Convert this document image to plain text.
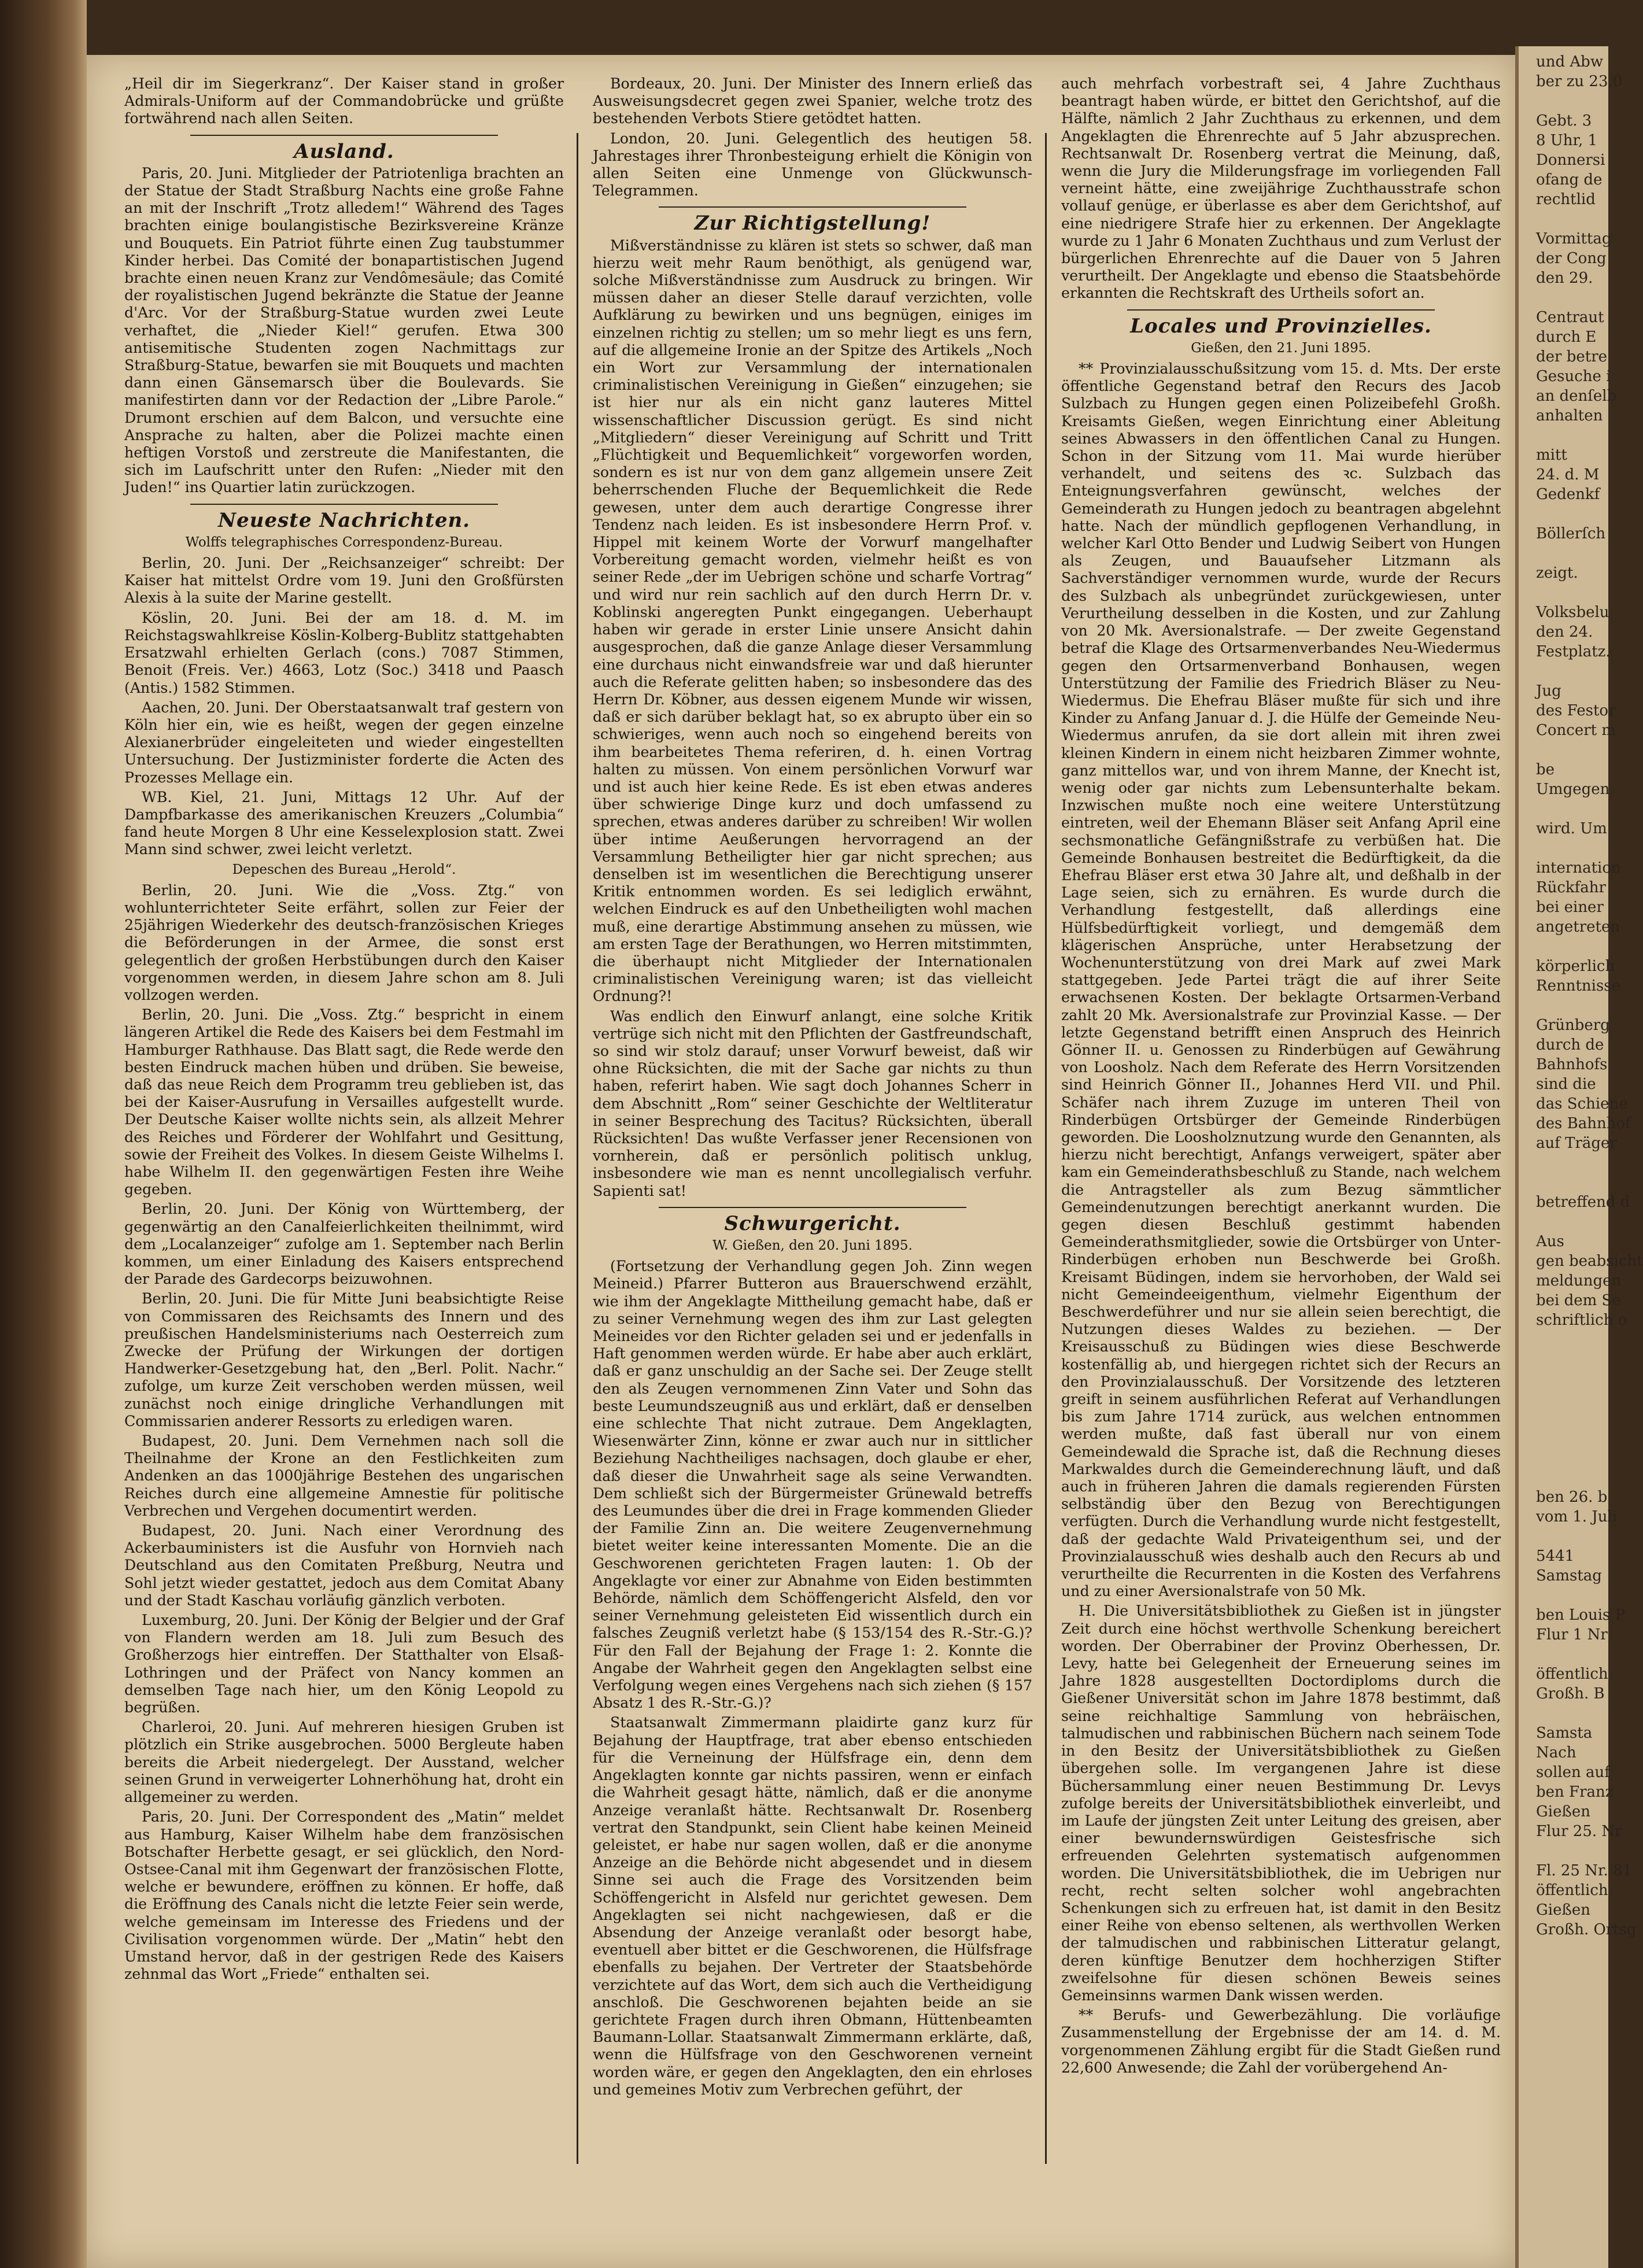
„Heil dir im Siegerkranz“. Der Kaiser stand in großer Admirals-Uniform auf der Commandobrücke und grüßte fortwährend nach allen Seiten.

Ausland.

Paris, 20. Juni. Mitglieder der Patriotenliga brachten an der Statue der Stadt Straßburg Nachts eine große Fahne an mit der Inschrift „Trotz alledem!“ Während des Tages brachten einige boulangistische Bezirksvereine Kränze und Bouquets. Ein Patriot führte einen Zug taubstummer Kinder herbei. Das Comité der bonapartistischen Jugend brachte einen neuen Kranz zur Vendômesäule; das Comité der royalistischen Jugend bekränzte die Statue der Jeanne d'Arc. Vor der Straßburg-Statue wurden zwei Leute verhaftet, die „Nieder Kiel!“ gerufen. Etwa 300 antisemitische Studenten zogen Nachmittags zur Straßburg-Statue, bewarfen sie mit Bouquets und machten dann einen Gänsemarsch über die Boulevards. Sie manifestirten dann vor der Redaction der „Libre Parole.“ Drumont erschien auf dem Balcon, und versuchte eine Ansprache zu halten, aber die Polizei machte einen heftigen Vorstoß und zerstreute die Manifestanten, die sich im Laufschritt unter den Rufen: „Nieder mit den Juden!“ ins Quartier latin zurückzogen.

Neueste Nachrichten.
Wolffs telegraphisches Correspondenz-Bureau.

Berlin, 20. Juni. Der „Reichsanzeiger“ schreibt: Der Kaiser hat mittelst Ordre vom 19. Juni den Großfürsten Alexis à la suite der Marine gestellt.

Köslin, 20. Juni. Bei der am 18. d. M. im Reichstagswahlkreise Köslin-Kolberg-Bublitz stattgehabten Ersatzwahl erhielten Gerlach (cons.) 7087 Stimmen, Benoit (Freis. Ver.) 4663, Lotz (Soc.) 3418 und Paasch (Antis.) 1582 Stimmen.

Aachen, 20. Juni. Der Oberstaatsanwalt traf gestern von Köln hier ein, wie es heißt, wegen der gegen einzelne Alexianerbrüder eingeleiteten und wieder eingestellten Untersuchung. Der Justizminister forderte die Acten des Prozesses Mellage ein.

WB. Kiel, 21. Juni, Mittags 12 Uhr. Auf der Dampfbarkasse des amerikanischen Kreuzers „Columbia“ fand heute Morgen 8 Uhr eine Kesselexplosion statt. Zwei Mann sind schwer, zwei leicht verletzt.

Depeschen des Bureau „Herold“.

Berlin, 20. Juni. Wie die „Voss. Ztg.“ von wohlunterrichteter Seite erfährt, sollen zur Feier der 25jährigen Wiederkehr des deutsch-französischen Krieges die Beförderungen in der Armee, die sonst erst gelegentlich der großen Herbstübungen durch den Kaiser vorgenommen werden, in diesem Jahre schon am 8. Juli vollzogen werden.

Berlin, 20. Juni. Die „Voss. Ztg.“ bespricht in einem längeren Artikel die Rede des Kaisers bei dem Festmahl im Hamburger Rathhause. Das Blatt sagt, die Rede werde den besten Eindruck machen hüben und drüben. Sie beweise, daß das neue Reich dem Programm treu geblieben ist, das bei der Kaiser-Ausrufung in Versailles aufgestellt wurde. Der Deutsche Kaiser wollte nichts sein, als allzeit Mehrer des Reiches und Förderer der Wohlfahrt und Gesittung, sowie der Freiheit des Volkes. In diesem Geiste Wilhelms I. habe Wilhelm II. den gegenwärtigen Festen ihre Weihe gegeben.

Berlin, 20. Juni. Der König von Württemberg, der gegenwärtig an den Canalfeierlichkeiten theilnimmt, wird dem „Localanzeiger“ zufolge am 1. September nach Berlin kommen, um einer Einladung des Kaisers entsprechend der Parade des Gardecorps beizuwohnen.

Berlin, 20. Juni. Die für Mitte Juni beabsichtigte Reise von Commissaren des Reichsamts des Innern und des preußischen Handelsministeriums nach Oesterreich zum Zwecke der Prüfung der Wirkungen der dortigen Handwerker-Gesetzgebung hat, den „Berl. Polit. Nachr.“ zufolge, um kurze Zeit verschoben werden müssen, weil zunächst noch einige dringliche Verhandlungen mit Commissarien anderer Ressorts zu erledigen waren.

Budapest, 20. Juni. Dem Vernehmen nach soll die Theilnahme der Krone an den Festlichkeiten zum Andenken an das 1000jährige Bestehen des ungarischen Reiches durch eine allgemeine Amnestie für politische Verbrechen und Vergehen documentirt werden.

Budapest, 20. Juni. Nach einer Verordnung des Ackerbauministers ist die Ausfuhr von Hornvieh nach Deutschland aus den Comitaten Preßburg, Neutra und Sohl jetzt wieder gestattet, jedoch aus dem Comitat Abany und der Stadt Kaschau vorläufig gänzlich verboten.

Luxemburg, 20. Juni. Der König der Belgier und der Graf von Flandern werden am 18. Juli zum Besuch des Großherzogs hier eintreffen. Der Statthalter von Elsaß-Lothringen und der Präfect von Nancy kommen an demselben Tage nach hier, um den König Leopold zu begrüßen.

Charleroi, 20. Juni. Auf mehreren hiesigen Gruben ist plötzlich ein Strike ausgebrochen. 5000 Bergleute haben bereits die Arbeit niedergelegt. Der Ausstand, welcher seinen Grund in verweigerter Lohnerhöhung hat, droht ein allgemeiner zu werden.

Paris, 20. Juni. Der Correspondent des „Matin“ meldet aus Hamburg, Kaiser Wilhelm habe dem französischen Botschafter Herbette gesagt, er sei glücklich, den Nord-Ostsee-Canal mit ihm Gegenwart der französischen Flotte, welche er bewundere, eröffnen zu können. Er hoffe, daß die Eröffnung des Canals nicht die letzte Feier sein werde, welche gemeinsam im Interesse des Friedens und der Civilisation vorgenommen würde. Der „Matin“ hebt den Umstand hervor, daß in der gestrigen Rede des Kaisers zehnmal das Wort „Friede“ enthalten sei.

Bordeaux, 20. Juni. Der Minister des Innern erließ das Ausweisungsdecret gegen zwei Spanier, welche trotz des bestehenden Verbots Stiere getödtet hatten.

London, 20. Juni. Gelegentlich des heutigen 58. Jahrestages ihrer Thronbesteigung erhielt die Königin von allen Seiten eine Unmenge von Glückwunsch-Telegrammen.

Zur Richtigstellung!

Mißverständnisse zu klären ist stets so schwer, daß man hierzu weit mehr Raum benöthigt, als genügend war, solche Mißverständnisse zum Ausdruck zu bringen. Wir müssen daher an dieser Stelle darauf verzichten, volle Aufklärung zu bewirken und uns begnügen, einiges im einzelnen richtig zu stellen; um so mehr liegt es uns fern, auf die allgemeine Ironie an der Spitze des Artikels „Noch ein Wort zur Versammlung der internationalen criminalistischen Vereinigung in Gießen“ einzugehen; sie ist hier nur als ein nicht ganz lauteres Mittel wissenschaftlicher Discussion gerügt. Es sind nicht „Mitgliedern“ dieser Vereinigung auf Schritt und Tritt „Flüchtigkeit und Bequemlichkeit“ vorgeworfen worden, sondern es ist nur von dem ganz allgemein unsere Zeit beherrschenden Fluche der Bequemlichkeit die Rede gewesen, unter dem auch derartige Congresse ihrer Tendenz nach leiden. Es ist insbesondere Herrn Prof. v. Hippel mit keinem Worte der Vorwurf mangelhafter Vorbereitung gemacht worden, vielmehr heißt es von seiner Rede „der im Uebrigen schöne und scharfe Vortrag“ und wird nur rein sachlich auf den durch Herrn Dr. v. Koblinski angeregten Punkt eingegangen. Ueberhaupt haben wir gerade in erster Linie unsere Ansicht dahin ausgesprochen, daß die ganze Anlage dieser Versammlung eine durchaus nicht einwandsfreie war und daß hierunter auch die Referate gelitten haben; so insbesondere das des Herrn Dr. Köbner, aus dessen eigenem Munde wir wissen, daß er sich darüber beklagt hat, so ex abrupto über ein so schwieriges, wenn auch noch so eingehend bereits von ihm bearbeitetes Thema referiren, d. h. einen Vortrag halten zu müssen. Von einem persönlichen Vorwurf war und ist auch hier keine Rede. Es ist eben etwas anderes über schwierige Dinge kurz und doch umfassend zu sprechen, etwas anderes darüber zu schreiben! Wir wollen über intime Aeußerungen hervorragend an der Versammlung Betheiligter hier gar nicht sprechen; aus denselben ist im wesentlichen die Berechtigung unserer Kritik entnommen worden. Es sei lediglich erwähnt, welchen Eindruck es auf den Unbetheiligten wohl machen muß, eine derartige Abstimmung ansehen zu müssen, wie am ersten Tage der Berathungen, wo Herren mitstimmten, die überhaupt nicht Mitglieder der Internationalen criminalistischen Vereinigung waren; ist das vielleicht Ordnung?!

Was endlich den Einwurf anlangt, eine solche Kritik vertrüge sich nicht mit den Pflichten der Gastfreundschaft, so sind wir stolz darauf; unser Vorwurf beweist, daß wir ohne Rücksichten, die mit der Sache gar nichts zu thun haben, referirt haben. Wie sagt doch Johannes Scherr in dem Abschnitt „Rom“ seiner Geschichte der Weltliteratur in seiner Besprechung des Tacitus? Rücksichten, überall Rücksichten! Das wußte Verfasser jener Recensionen von vornherein, daß er persönlich politisch unklug, insbesondere wie man es nennt uncollegialisch verfuhr. Sapienti sat!

Schwurgericht.
W. Gießen, den 20. Juni 1895.

(Fortsetzung der Verhandlung gegen Joh. Zinn wegen Meineid.) Pfarrer Butteron aus Brauerschwend erzählt, wie ihm der Angeklagte Mittheilung gemacht habe, daß er zu seiner Vernehmung wegen des ihm zur Last gelegten Meineides vor den Richter geladen sei und er jedenfalls in Haft genommen werden würde. Er habe aber auch erklärt, daß er ganz unschuldig an der Sache sei. Der Zeuge stellt den als Zeugen vernommenen Zinn Vater und Sohn das beste Leumundszeugniß aus und erklärt, daß er denselben eine schlechte That nicht zutraue. Dem Angeklagten, Wiesenwärter Zinn, könne er zwar auch nur in sittlicher Beziehung Nachtheiliges nachsagen, doch glaube er eher, daß dieser die Unwahrheit sage als seine Verwandten. Dem schließt sich der Bürgermeister Grünewald betreffs des Leumundes über die drei in Frage kommenden Glieder der Familie Zinn an. Die weitere Zeugenvernehmung bietet weiter keine interessanten Momente. Die an die Geschworenen gerichteten Fragen lauten: 1. Ob der Angeklagte vor einer zur Abnahme von Eiden bestimmten Behörde, nämlich dem Schöffengericht Alsfeld, den vor seiner Vernehmung geleisteten Eid wissentlich durch ein falsches Zeugniß verletzt habe (§ 153/154 des R.-Str.-G.)? Für den Fall der Bejahung der Frage 1: 2. Konnte die Angabe der Wahrheit gegen den Angeklagten selbst eine Verfolgung wegen eines Vergehens nach sich ziehen (§ 157 Absatz 1 des R.-Str.-G.)?

Staatsanwalt Zimmermann plaidirte ganz kurz für Bejahung der Hauptfrage, trat aber ebenso entschieden für die Verneinung der Hülfsfrage ein, denn dem Angeklagten konnte gar nichts passiren, wenn er einfach die Wahrheit gesagt hätte, nämlich, daß er die anonyme Anzeige veranlaßt hätte. Rechtsanwalt Dr. Rosenberg vertrat den Standpunkt, sein Client habe keinen Meineid geleistet, er habe nur sagen wollen, daß er die anonyme Anzeige an die Behörde nicht abgesendet und in diesem Sinne sei auch die Frage des Vorsitzenden beim Schöffengericht in Alsfeld nur gerichtet gewesen. Dem Angeklagten sei nicht nachgewiesen, daß er die Absendung der Anzeige veranlaßt oder besorgt habe, eventuell aber bittet er die Geschworenen, die Hülfsfrage ebenfalls zu bejahen. Der Vertreter der Staatsbehörde verzichtete auf das Wort, dem sich auch die Vertheidigung anschloß. Die Geschworenen bejahten beide an sie gerichtete Fragen durch ihren Obmann, Hüttenbeamten Baumann-Lollar. Staatsanwalt Zimmermann erklärte, daß, wenn die Hülfsfrage von den Geschworenen verneint worden wäre, er gegen den Angeklagten, den ein ehrloses und gemeines Motiv zum Verbrechen geführt, der

auch mehrfach vorbestraft sei, 4 Jahre Zuchthaus beantragt haben würde, er bittet den Gerichtshof, auf die Hälfte, nämlich 2 Jahr Zuchthaus zu erkennen, und dem Angeklagten die Ehrenrechte auf 5 Jahr abzusprechen. Rechtsanwalt Dr. Rosenberg vertrat die Meinung, daß, wenn die Jury die Milderungsfrage im vorliegenden Fall verneint hätte, eine zweijährige Zuchthausstrafe schon vollauf genüge, er überlasse es aber dem Gerichtshof, auf eine niedrigere Strafe hier zu erkennen. Der Angeklagte wurde zu 1 Jahr 6 Monaten Zuchthaus und zum Verlust der bürgerlichen Ehrenrechte auf die Dauer von 5 Jahren verurtheilt. Der Angeklagte und ebenso die Staatsbehörde erkannten die Rechtskraft des Urtheils sofort an.

Locales und Provinzielles.
Gießen, den 21. Juni 1895.

** Provinzialausschußsitzung vom 15. d. Mts. Der erste öffentliche Gegenstand betraf den Recurs des Jacob Sulzbach zu Hungen gegen einen Polizeibefehl Großh. Kreisamts Gießen, wegen Einrichtung einer Ableitung seines Abwassers in den öffentlichen Canal zu Hungen. Schon in der Sitzung vom 11. Mai wurde hierüber verhandelt, und seitens des ꝛc. Sulzbach das Enteignungsverfahren gewünscht, welches der Gemeinderath zu Hungen jedoch zu beantragen abgelehnt hatte. Nach der mündlich gepflogenen Verhandlung, in welcher Karl Otto Bender und Ludwig Seibert von Hungen als Zeugen, und Bauaufseher Litzmann als Sachverständiger vernommen wurde, wurde der Recurs des Sulzbach als unbegründet zurückgewiesen, unter Verurtheilung desselben in die Kosten, und zur Zahlung von 20 Mk. Aversionalstrafe. — Der zweite Gegenstand betraf die Klage des Ortsarmenverbandes Neu-Wiedermus gegen den Ortsarmenverband Bonhausen, wegen Unterstützung der Familie des Friedrich Bläser zu Neu-Wiedermus. Die Ehefrau Bläser mußte für sich und ihre Kinder zu Anfang Januar d. J. die Hülfe der Gemeinde Neu-Wiedermus anrufen, da sie dort allein mit ihren zwei kleinen Kindern in einem nicht heizbaren Zimmer wohnte, ganz mittellos war, und von ihrem Manne, der Knecht ist, wenig oder gar nichts zum Lebensunterhalte bekam. Inzwischen mußte noch eine weitere Unterstützung eintreten, weil der Ehemann Bläser seit Anfang April eine sechsmonatliche Gefängnißstrafe zu verbüßen hat. Die Gemeinde Bonhausen bestreitet die Bedürftigkeit, da die Ehefrau Bläser erst etwa 30 Jahre alt, und deßhalb in der Lage seien, sich zu ernähren. Es wurde durch die Verhandlung festgestellt, daß allerdings eine Hülfsbedürftigkeit vorliegt, und demgemäß dem klägerischen Ansprüche, unter Herabsetzung der Wochenunterstützung von drei Mark auf zwei Mark stattgegeben. Jede Partei trägt die auf ihrer Seite erwachsenen Kosten. Der beklagte Ortsarmen-Verband zahlt 20 Mk. Aversionalstrafe zur Provinzial Kasse. — Der letzte Gegenstand betrifft einen Anspruch des Heinrich Gönner II. u. Genossen zu Rinderbügen auf Gewährung von Loosholz. Nach dem Referate des Herrn Vorsitzenden sind Heinrich Gönner II., Johannes Herd VII. und Phil. Schäfer nach ihrem Zuzuge im unteren Theil von Rinderbügen Ortsbürger der Gemeinde Rinderbügen geworden. Die Loosholznutzung wurde den Genannten, als hierzu nicht berechtigt, Anfangs verweigert, später aber kam ein Gemeinderathsbeschluß zu Stande, nach welchem die Antragsteller als zum Bezug sämmtlicher Gemeindenutzungen berechtigt anerkannt wurden. Die gegen diesen Beschluß gestimmt habenden Gemeinderathsmitglieder, sowie die Ortsbürger von Unter-Rinderbügen erhoben nun Beschwerde bei Großh. Kreisamt Büdingen, indem sie hervorhoben, der Wald sei nicht Gemeindeeigenthum, vielmehr Eigenthum der Beschwerdeführer und nur sie allein seien berechtigt, die Nutzungen dieses Waldes zu beziehen. — Der Kreisausschuß zu Büdingen wies diese Beschwerde kostenfällig ab, und hiergegen richtet sich der Recurs an den Provinzialausschuß. Der Vorsitzende des letzteren greift in seinem ausführlichen Referat auf Verhandlungen bis zum Jahre 1714 zurück, aus welchen entnommen werden mußte, daß fast überall nur von einem Gemeindewald die Sprache ist, daß die Rechnung dieses Markwaldes durch die Gemeinderechnung läuft, und daß auch in früheren Jahren die damals regierenden Fürsten selbständig über den Bezug von Berechtigungen verfügten. Durch die Verhandlung wurde nicht festgestellt, daß der gedachte Wald Privateigenthum sei, und der Provinzialausschuß wies deshalb auch den Recurs ab und verurtheilte die Recurrenten in die Kosten des Verfahrens und zu einer Aversionalstrafe von 50 Mk.

H. Die Universitätsbibliothek zu Gießen ist in jüngster Zeit durch eine höchst werthvolle Schenkung bereichert worden. Der Oberrabiner der Provinz Oberhessen, Dr. Levy, hatte bei Gelegenheit der Erneuerung seines im Jahre 1828 ausgestellten Doctordiploms durch die Gießener Universität schon im Jahre 1878 bestimmt, daß seine reichhaltige Sammlung von hebräischen, talmudischen und rabbinischen Büchern nach seinem Tode in den Besitz der Universitätsbibliothek zu Gießen übergehen solle. Im vergangenen Jahre ist diese Büchersammlung einer neuen Bestimmung Dr. Levys zufolge bereits der Universitätsbibliothek einverleibt, und im Laufe der jüngsten Zeit unter Leitung des greisen, aber einer bewundernswürdigen Geistesfrische sich erfreuenden Gelehrten systematisch aufgenommen worden. Die Universitätsbibliothek, die im Uebrigen nur recht, recht selten solcher wohl angebrachten Schenkungen sich zu erfreuen hat, ist damit in den Besitz einer Reihe von ebenso seltenen, als werthvollen Werken der talmudischen und rabbinischen Litteratur gelangt, deren künftige Benutzer dem hochherzigen Stifter zweifelsohne für diesen schönen Beweis seines Gemeinsinns warmen Dank wissen werden.

** Berufs- und Gewerbezählung. Die vorläufige Zusammenstellung der Ergebnisse der am 14. d. M. vorgenommenen Zählung ergibt für die Stadt Gießen rund 22,600 Anwesende; die Zahl der vorübergehend An-

und Abw
ber zu 23,0

Gebt. 3
8 Uhr, 1
Donnersi
ofang de
rechtlid

Vormittag
der Cong
den 29.

Centraut
durch E
der betre
Gesuche i
an denſelb
anhalten

mitt
24. d. M
Gedenkf

Böllerſch

zeigt.

Volksbelu
den 24.
Festplatz.

Jug
des Festor
Concert m

be
Umgegen

wird. Um

internation
Rückfahr
bei einer
angetreten

körperlich
Renntnisse

Grünberg
durch de
Bahnhofs
sind die
das Schiene
des Bahnhof
auf Träger

betreffend d

Aus
gen beabsicht
meldungen
bei dem Se
schriftlich o

ben 26. b
vom 1. Juli

5441
Samstag

ben Louis P
Flur 1 Nr

öffentlich
Großh. B

Samsta
Nach
sollen auf
ben Franz
Gießen
Flur 25. Nr

Fl. 25 Nr. 81
öffentlich
Gießen
Großh. Ortsg
